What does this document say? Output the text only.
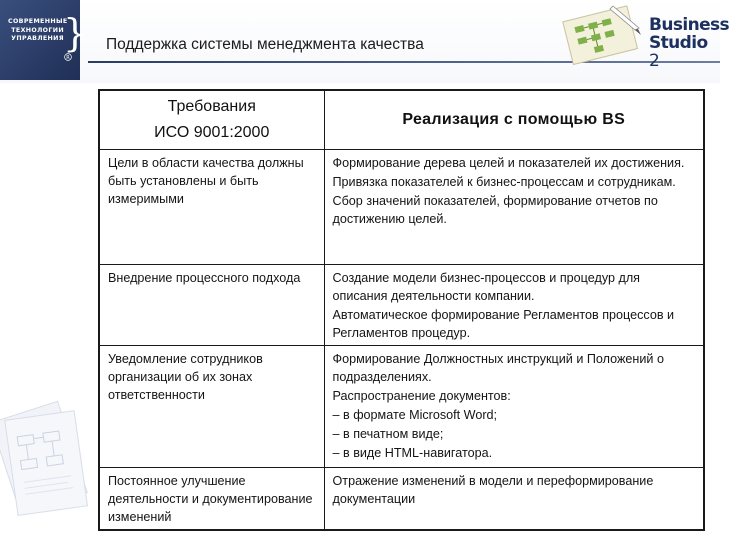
СОВРЕМЕННЫЕ
ТЕХНОЛОГИИ
УПРАВЛЕНИЯ }
R
Поддержка системы менеджмента качества
Business
Studio 2
Требования
ИСО 9001:2000	Реализация с помощью BS

Цели в области качества должны быть установлены и быть измеримыми	Формирование дерева целей и показателей их достижения.

Привязка показателей к бизнес-процессам и сотрудникам.

Сбор значений показателей, формирование отчетов по достижению целей.

Внедрение процессного подхода	Создание модели бизнес-процессов и процедур для описания деятельности компании.

Автоматическое формирование Регламентов процессов и Регламентов процедур.

Уведомление сотрудников организации об их зонах ответственности	Формирование Должностных инструкций и Положений о подразделениях.

Распространение документов:

– в формате Microsoft Word;

– в печатном виде;

– в виде HTML-навигатора.

Постоянное улучшение деятельности и документирование изменений	Отражение изменений в модели и переформирование документации
